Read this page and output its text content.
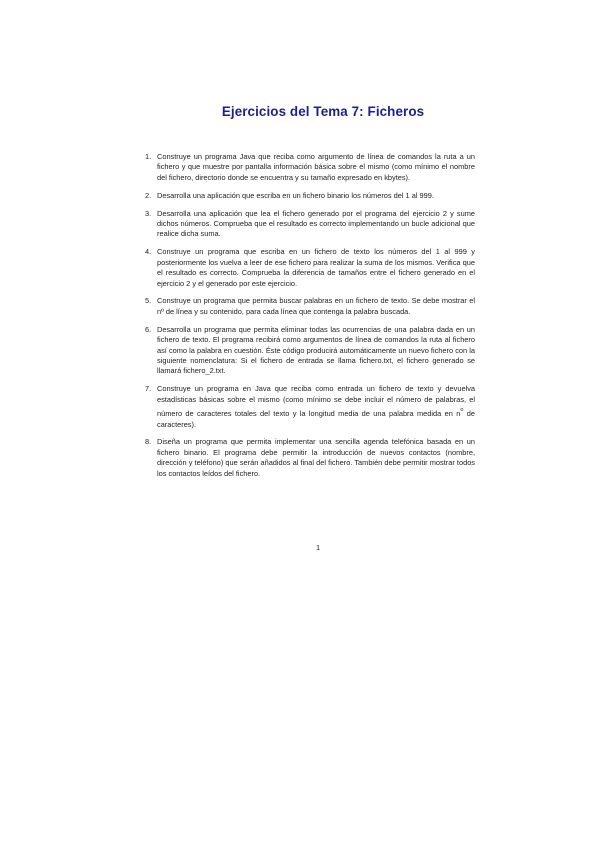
Ejercicios del Tema 7: Ficheros
1. Construye un programa Java que reciba como argumento de línea de comandos la ruta a un fichero y que muestre por pantalla información básica sobre el mismo (como mínimo el nombre del fichero, directorio donde se encuentra y su tamaño expresado en kbytes).
2. Desarrolla una aplicación que escriba en un fichero binario los números del 1 al 999.
3. Desarrolla una aplicación que lea el fichero generado por el programa del ejercicio 2 y sume dichos números. Comprueba que el resultado es correcto implementando un bucle adicional que realice dicha suma.
4. Construye un programa que escriba en un fichero de texto los números del 1 al 999 y posteriormente los vuelva a leer de ese fichero para realizar la suma de los mismos. Verifica que el resultado es correcto. Comprueba la diferencia de tamaños entre el fichero generado en el ejercicio 2 y el generado por este ejercicio.
5. Construye un programa que permita buscar palabras en un fichero de texto. Se debe mostrar el nº de línea y su contenido, para cada línea que contenga la palabra buscada.
6. Desarrolla un programa que permita eliminar todas las ocurrencias de una palabra dada en un fichero de texto. El programa recibirá como argumentos de línea de comandos la ruta al fichero así como la palabra en cuestión. Éste código producirá automáticamente un nuevo fichero con la siguiente nomenclatura: Si el fichero de entrada se llama fichero.txt, el fichero generado se llamará fichero_2.txt.
7. Construye un programa en Java que reciba como entrada un fichero de texto y devuelva estadísticas básicas sobre el mismo (como mínimo se debe incluir el número de palabras, el número de caracteres totales del texto y la longitud media de una palabra medida en $n^o$ de caracteres).
8. Diseña un programa que permita implementar una sencilla agenda telefónica basada en un fichero binario. El programa debe permitir la introducción de nuevos contactos (nombre, dirección y teléfono) que serán añadidos al final del fichero. También debe permitir mostrar todos los contactos leídos del fichero.
1
